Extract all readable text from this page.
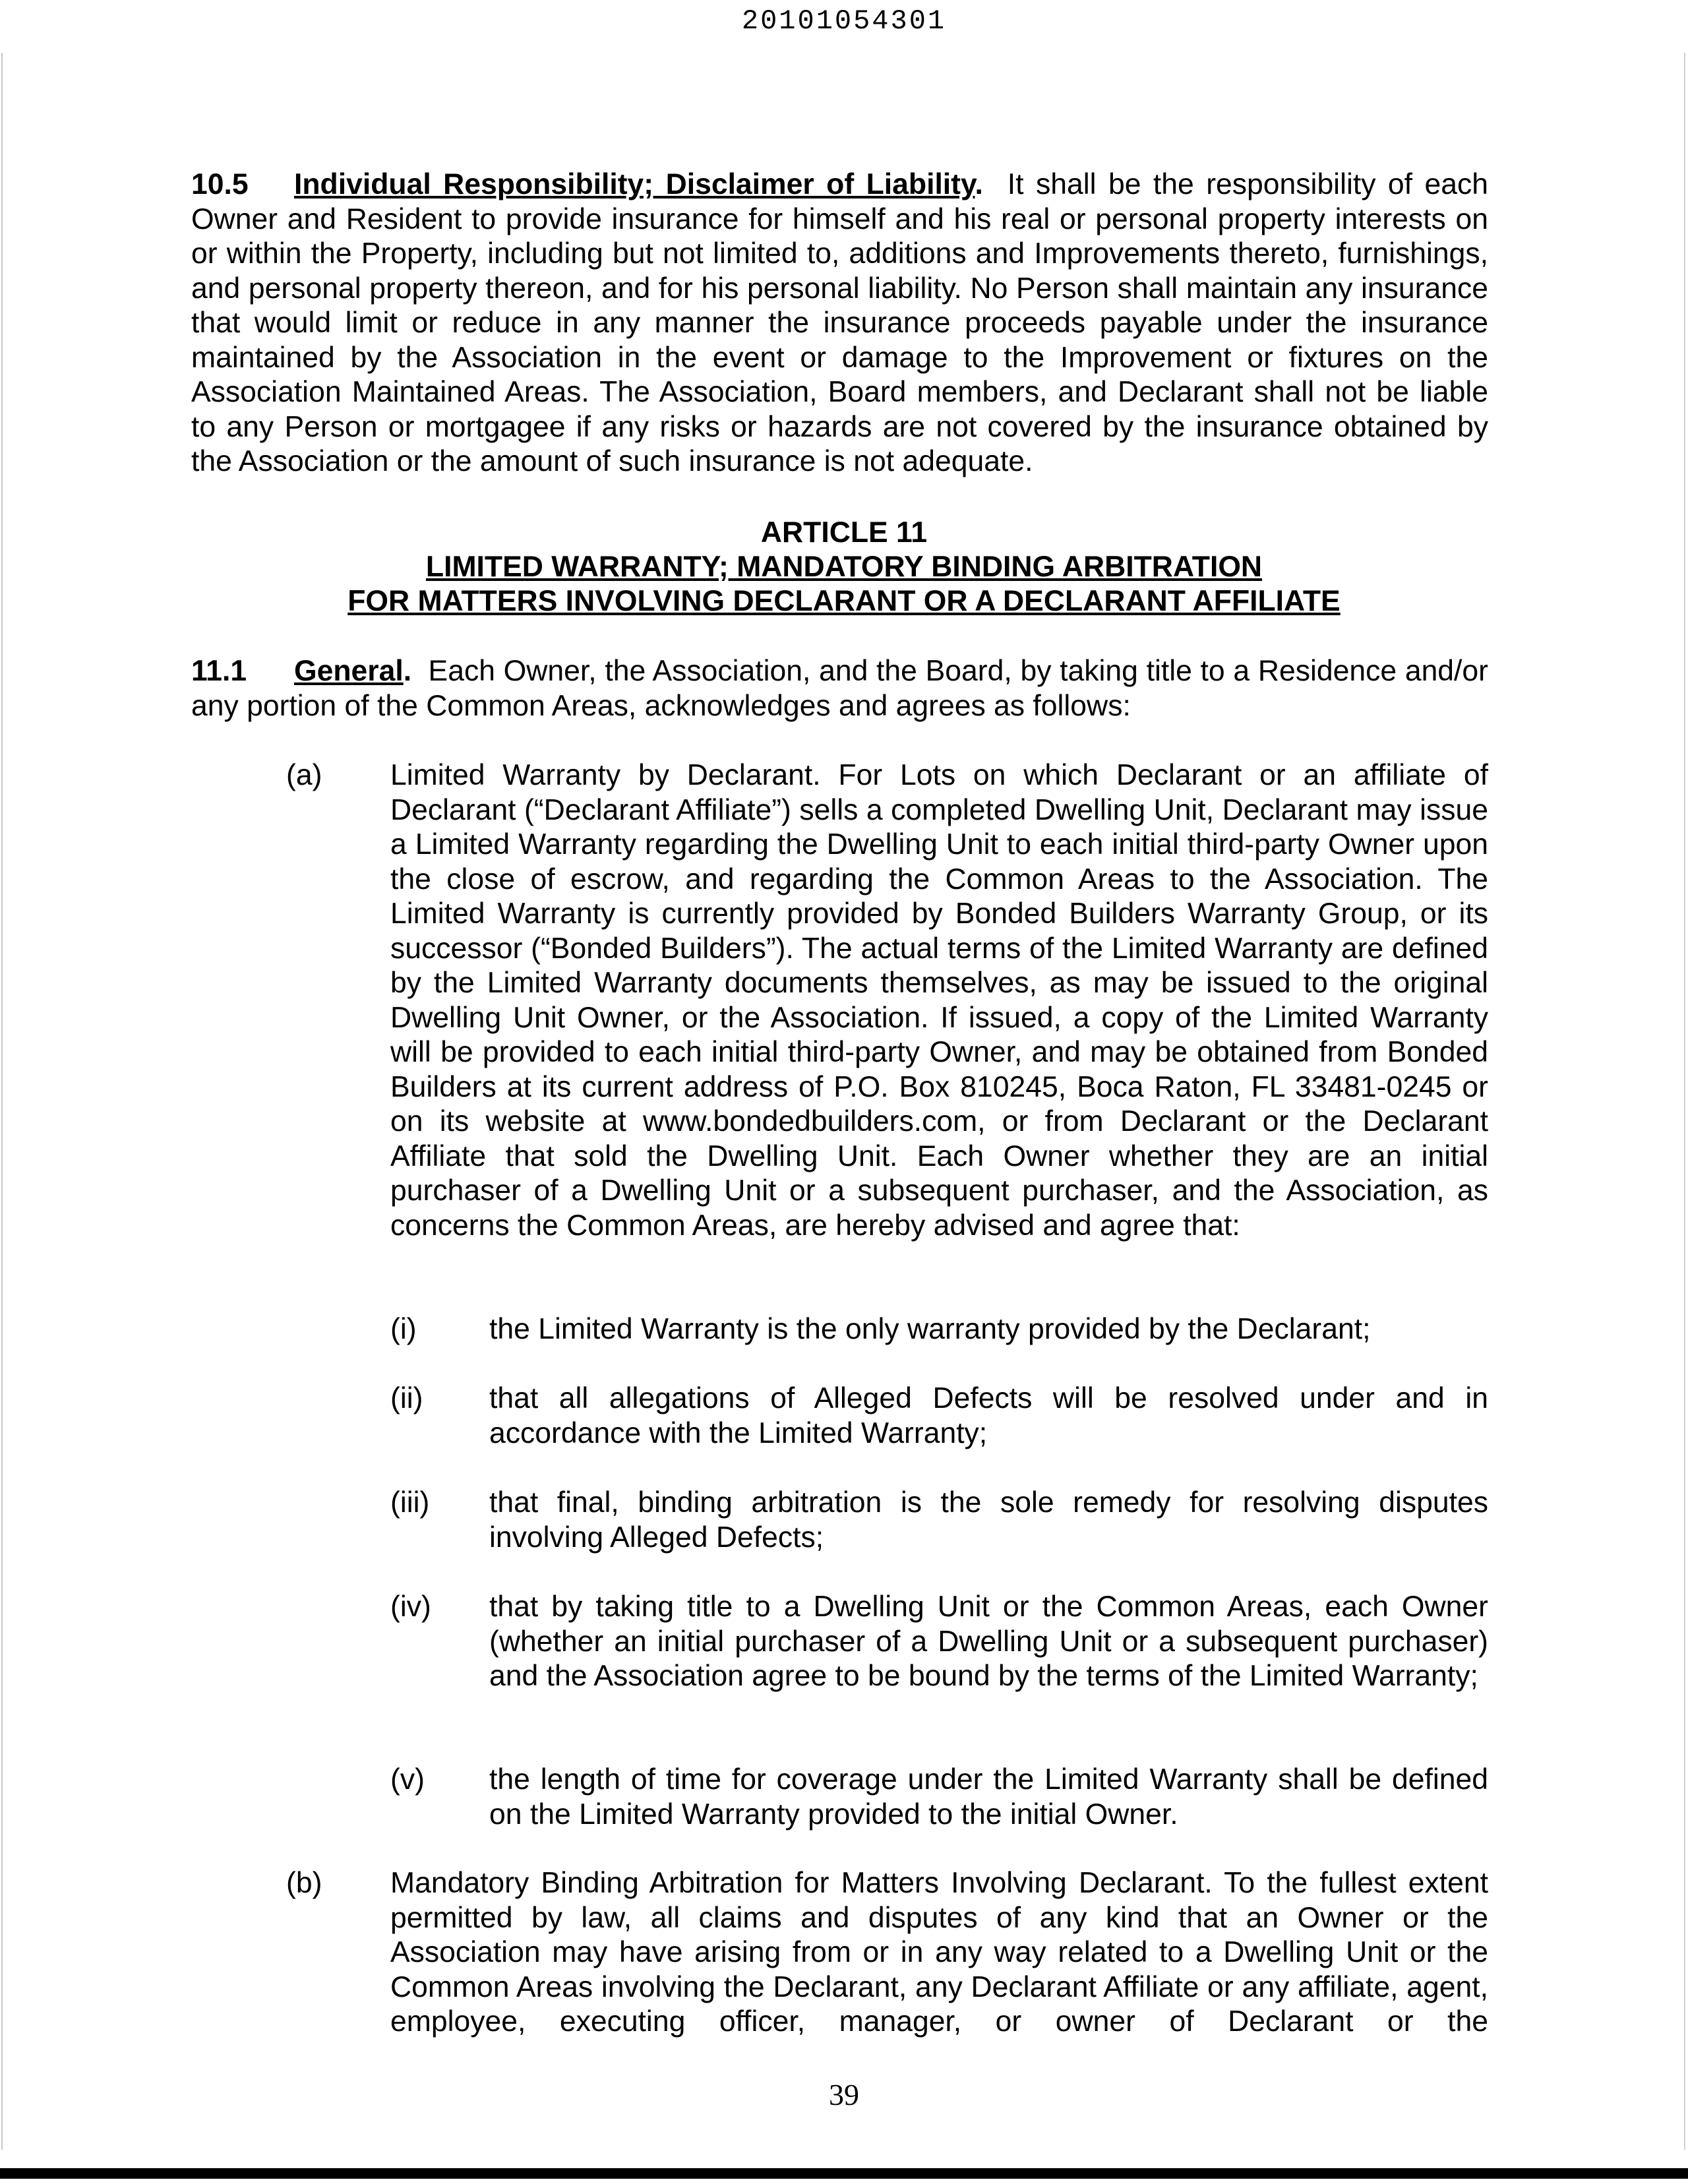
20101054301
10.5 Individual Responsibility; Disclaimer of Liability. It shall be the responsibility of each Owner and Resident to provide insurance for himself and his real or personal property interests on or within the Property, including but not limited to, additions and Improvements thereto, furnishings, and personal property thereon, and for his personal liability. No Person shall maintain any insurance that would limit or reduce in any manner the insurance proceeds payable under the insurance maintained by the Association in the event or damage to the Improvement or fixtures on the Association Maintained Areas. The Association, Board members, and Declarant shall not be liable to any Person or mortgagee if any risks or hazards are not covered by the insurance obtained by the Association or the amount of such insurance is not adequate.
ARTICLE 11
LIMITED WARRANTY; MANDATORY BINDING ARBITRATION
FOR MATTERS INVOLVING DECLARANT OR A DECLARANT AFFILIATE
11.1 General. Each Owner, the Association, and the Board, by taking title to a Residence and/or any portion of the Common Areas, acknowledges and agrees as follows:
(a) Limited Warranty by Declarant. For Lots on which Declarant or an affiliate of Declarant (“Declarant Affiliate”) sells a completed Dwelling Unit, Declarant may issue a Limited Warranty regarding the Dwelling Unit to each initial third-party Owner upon the close of escrow, and regarding the Common Areas to the Association. The Limited Warranty is currently provided by Bonded Builders Warranty Group, or its successor (“Bonded Builders”). The actual terms of the Limited Warranty are defined by the Limited Warranty documents themselves, as may be issued to the original Dwelling Unit Owner, or the Association. If issued, a copy of the Limited Warranty will be provided to each initial third-party Owner, and may be obtained from Bonded Builders at its current address of P.O. Box 810245, Boca Raton, FL 33481-0245 or on its website at www.bondedbuilders.com, or from Declarant or the Declarant Affiliate that sold the Dwelling Unit. Each Owner whether they are an initial purchaser of a Dwelling Unit or a subsequent purchaser, and the Association, as concerns the Common Areas, are hereby advised and agree that:
(i) the Limited Warranty is the only warranty provided by the Declarant;
(ii) that all allegations of Alleged Defects will be resolved under and in accordance with the Limited Warranty;
(iii) that final, binding arbitration is the sole remedy for resolving disputes involving Alleged Defects;
(iv) that by taking title to a Dwelling Unit or the Common Areas, each Owner (whether an initial purchaser of a Dwelling Unit or a subsequent purchaser) and the Association agree to be bound by the terms of the Limited Warranty;
(v) the length of time for coverage under the Limited Warranty shall be defined on the Limited Warranty provided to the initial Owner.
(b) Mandatory Binding Arbitration for Matters Involving Declarant. To the fullest extent permitted by law, all claims and disputes of any kind that an Owner or the Association may have arising from or in any way related to a Dwelling Unit or the Common Areas involving the Declarant, any Declarant Affiliate or any affiliate, agent, employee, executing officer, manager, or owner of Declarant or the
39
